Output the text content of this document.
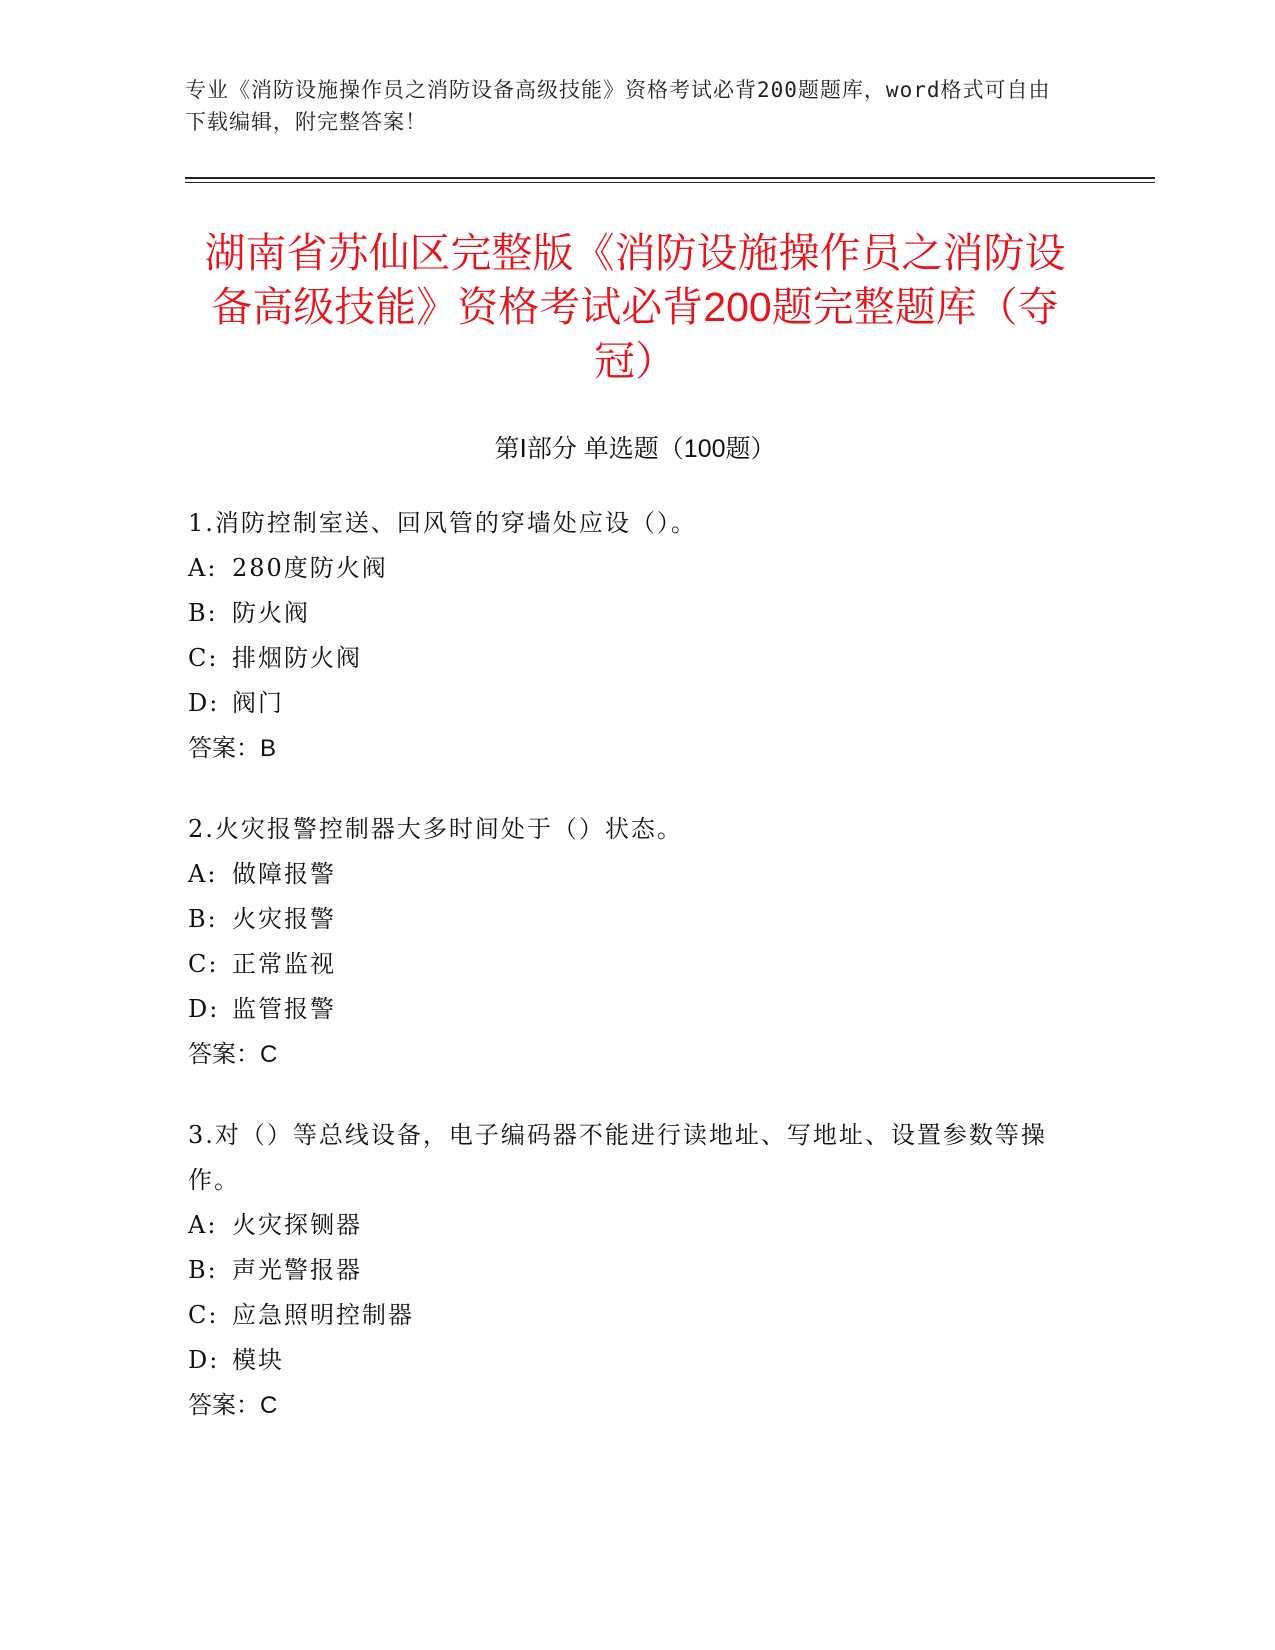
专业《消防设施操作员之消防设备高级技能》资格考试必背200题题库，word格式可自由下载编辑，附完整答案！
湖南省苏仙区完整版《消防设施操作员之消防设备高级技能》资格考试必背200题完整题库（夺冠）
第Ⅰ部分 单选题（100题）
1.消防控制室送、回风管的穿墙处应设（）。
A: 280度防火阀
B: 防火阀
C: 排烟防火阀
D: 阀门
答案：B
2.火灾报警控制器大多时间处于（）状态。
A: 做障报警
B: 火灾报警
C: 正常监视
D: 监管报警
答案：C
3.对（）等总线设备，电子编码器不能进行读地址、写地址、设置参数等操作。
A: 火灾探铡器
B: 声光警报器
C: 应急照明控制器
D: 模块
答案：C
